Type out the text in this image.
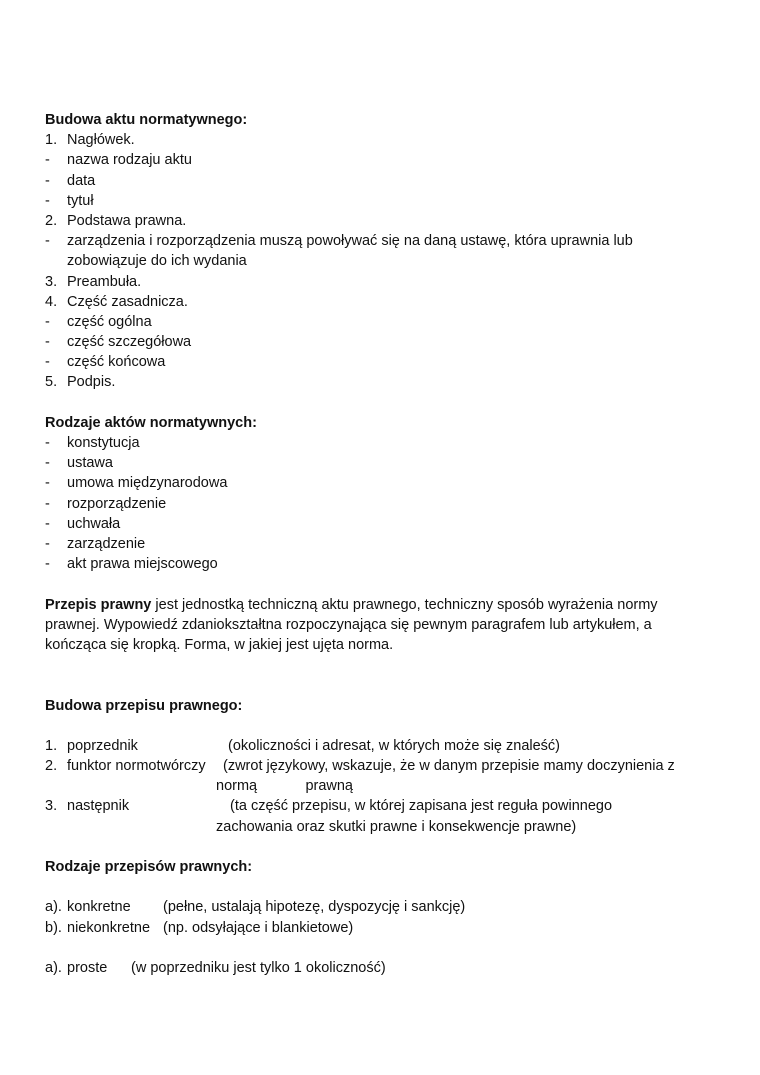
Budowa aktu normatywnego:
1. Nagłówek.
- nazwa rodzaju aktu
- data
- tytuł
2. Podstawa prawna.
- zarządzenia i rozporządzenia muszą powoływać się na daną ustawę, która uprawnia lub
zobowiązuje do ich wydania
3. Preambuła.
4. Część zasadnicza.
- część ogólna
- część szczegółowa
- część końcowa
5. Podpis.
Rodzaje aktów normatywnych:
- konstytucja
- ustawa
- umowa międzynarodowa
- rozporządzenie
- uchwała
- zarządzenie
- akt prawa miejscowego
Przepis prawny jest jednostką techniczną aktu prawnego, techniczny sposób wyrażenia normy prawnej. Wypowiedź zdaniokształtna rozpoczynająca się pewnym paragrafem lub artykułem, a kończąca się kropką. Forma, w jakiej jest ujęta norma.
Budowa przepisu prawnego:
1. poprzednik	(okoliczności i adresat, w których może się znaleść)
2. funktor normotwórczy (zwrot językowy, wskazuje, że w danym przepisie mamy doczynienia z
normą            prawną
3. następnik	(ta część przepisu, w której zapisana jest reguła powinnego
zachowania oraz skutki prawne i konsekwencje prawne)
Rodzaje przepisów prawnych:
a). konkretne (pełne, ustalają hipotezę, dyspozycję i sankcję)
b). niekonkretne (np. odsyłające i blankietowe)
a). proste (w poprzedniku jest tylko 1 okoliczność)
